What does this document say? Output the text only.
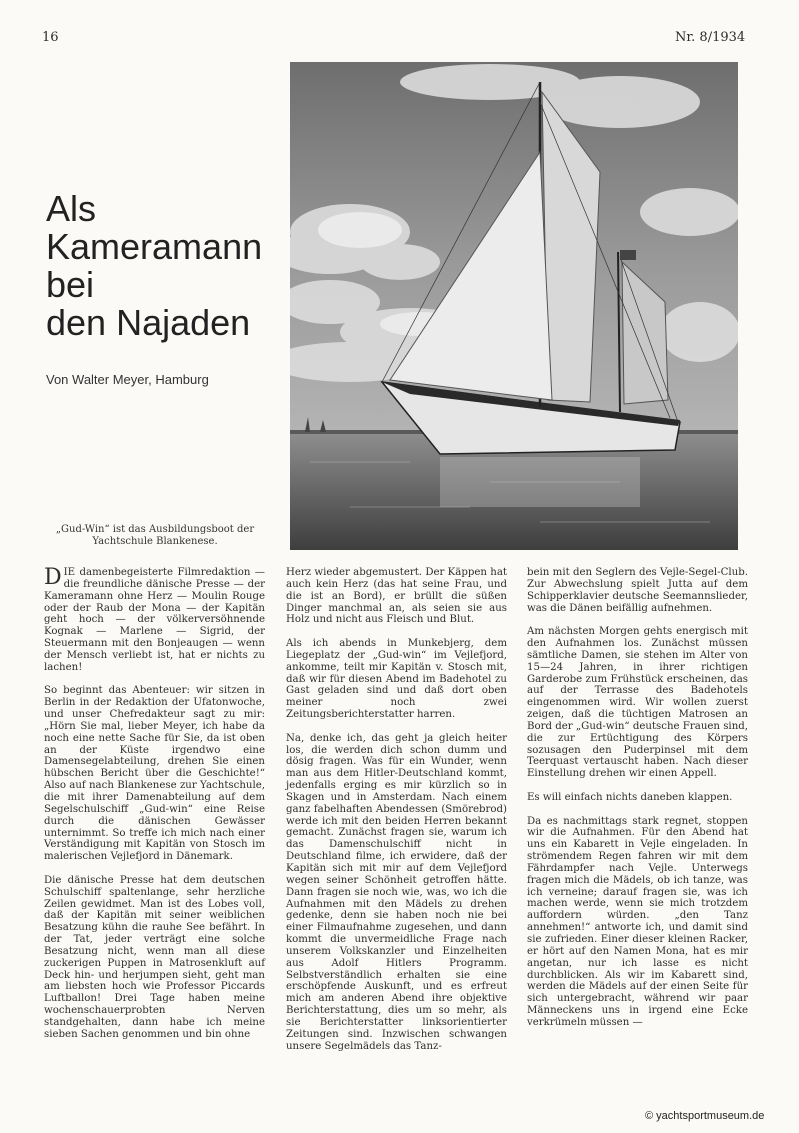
16	Nr. 8/1934
Als
Kameramann
bei
den Najaden
Von Walter Meyer, Hamburg
„Gud-Win“ ist das Ausbildungsboot der Yachtschule Blankenese.

DIE damenbegeisterte Filmredaktion — die freundliche dänische Presse — der Kameramann ohne Herz — Moulin Rouge oder der Raub der Mona — der Kapitän geht hoch — der völkerversöhnende Kognak — Marlene — Sigrid, der Steuermann mit den Bonjeaugen — wenn der Mensch verliebt ist, hat er nichts zu lachen!

So beginnt das Abenteuer: wir sitzen in Berlin in der Redaktion der Ufatonwoche, und unser Chefredakteur sagt zu mir: „Hörn Sie mal, lieber Meyer, ich habe da noch eine nette Sache für Sie, da ist oben an der Küste irgendwo eine Damensegelabteilung, drehen Sie einen hübschen Bericht über die Geschichte!“ Also auf nach Blankenese zur Yachtschule, die mit ihrer Damenabteilung auf dem Segelschulschiff „Gud-win“ eine Reise durch die dänischen Gewässer unternimmt. So treffe ich mich nach einer Verständigung mit Kapitän von Stosch im malerischen Vejlefjord in Dänemark.

Die dänische Presse hat dem deutschen Schulschiff spaltenlange, sehr herzliche Zeilen gewidmet. Man ist des Lobes voll, daß der Kapitän mit seiner weiblichen Besatzung kühn die rauhe See befährt. In der Tat, jeder verträgt eine solche Besatzung nicht, wenn man all diese zuckerigen Puppen in Matrosenkluft auf Deck hin- und herjumpen sieht, geht man am liebsten hoch wie Professor Piccards Luftballon! Drei Tage haben meine wochenschauerprobten Nerven standgehalten, dann habe ich meine sieben Sachen genommen und bin ohne

Herz wieder abgemustert. Der Käppen hat auch kein Herz (das hat seine Frau, und die ist an Bord), er brüllt die süßen Dinger manchmal an, als seien sie aus Holz und nicht aus Fleisch und Blut.

Als ich abends in Munkebjerg, dem Liegeplatz der „Gud-win“ im Vejlefjord, ankomme, teilt mir Kapitän v. Stosch mit, daß wir für diesen Abend im Badehotel zu Gast geladen sind und daß dort oben meiner noch zwei Zeitungsberichterstatter harren.

Na, denke ich, das geht ja gleich heiter los, die werden dich schon dumm und dösig fragen. Was für ein Wunder, wenn man aus dem Hitler-Deutschland kommt, jedenfalls erging es mir kürzlich so in Skagen und in Amsterdam. Nach einem ganz fabelhaften Abendessen (Smörebrod) werde ich mit den beiden Herren bekannt gemacht. Zunächst fragen sie, warum ich das Damenschulschiff nicht in Deutschland filme, ich erwidere, daß der Kapitän sich mit mir auf dem Vejlefjord wegen seiner Schönheit getroffen hätte. Dann fragen sie noch wie, was, wo ich die Aufnahmen mit den Mädels zu drehen gedenke, denn sie haben noch nie bei einer Filmaufnahme zugesehen, und dann kommt die unvermeidliche Frage nach unserem Volkskanzler und Einzelheiten aus Adolf Hitlers Programm. Selbstverständlich erhalten sie eine erschöpfende Auskunft, und es erfreut mich am anderen Abend ihre objektive Berichterstattung, dies um so mehr, als sie Berichterstatter linksorientierter Zeitungen sind. Inzwischen schwangen unsere Segelmädels das Tanz-

bein mit den Seglern des Vejle-Segel-Club. Zur Abwechslung spielt Jutta auf dem Schipperklavier deutsche Seemannslieder, was die Dänen beifällig aufnehmen.

Am nächsten Morgen gehts energisch mit den Aufnahmen los. Zunächst müssen sämtliche Damen, sie stehen im Alter von 15—24 Jahren, in ihrer richtigen Garderobe zum Frühstück erscheinen, das auf der Terrasse des Badehotels eingenommen wird. Wir wollen zuerst zeigen, daß die tüchtigen Matrosen an Bord der „Gud-win“ deutsche Frauen sind, die zur Ertüchtigung des Körpers sozusagen den Puderpinsel mit dem Teerquast vertauscht haben. Nach dieser Einstellung drehen wir einen Appell.

Es will einfach nichts daneben klappen.

Da es nachmittags stark regnet, stoppen wir die Aufnahmen. Für den Abend hat uns ein Kabarett in Vejle eingeladen. In strömendem Regen fahren wir mit dem Fährdampfer nach Vejle. Unterwegs fragen mich die Mädels, ob ich tanze, was ich verneine; darauf fragen sie, was ich machen werde, wenn sie mich trotzdem auffordern würden. „den Tanz annehmen!“ antworte ich, und damit sind sie zufrieden. Einer dieser kleinen Racker, er hört auf den Namen Mona, hat es mir angetan, nur ich lasse es nicht durchblicken. Als wir im Kabarett sind, werden die Mädels auf der einen Seite für sich untergebracht, während wir paar Männeckens uns in irgend eine Ecke verkrümeln müssen —

© yachtsportmuseum.de
